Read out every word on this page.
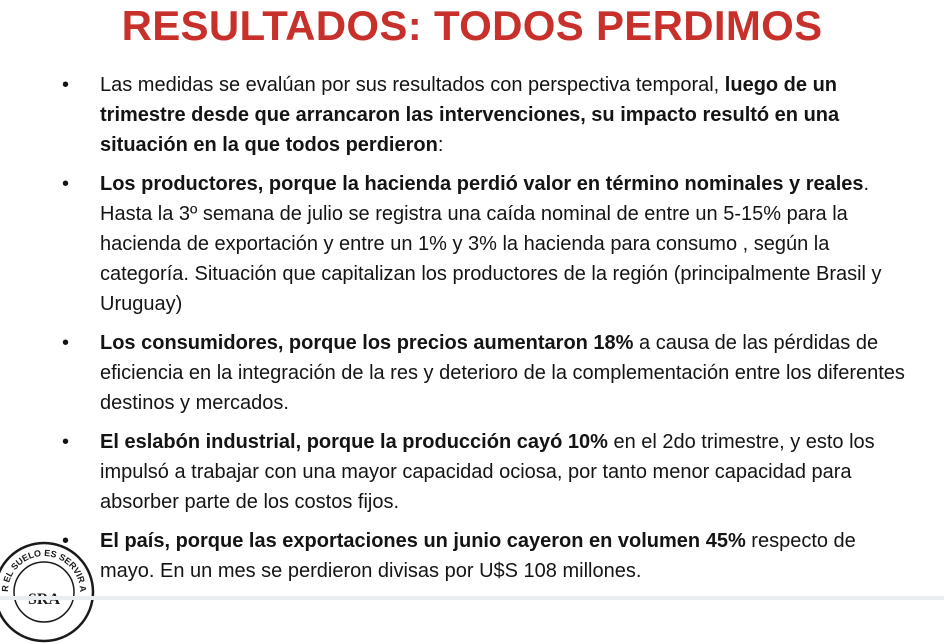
RESULTADOS: TODOS PERDIMOS
• Las medidas se evalúan por sus resultados con perspectiva temporal, luego de un trimestre desde que arrancaron las intervenciones, su impacto resultó en una situación en la que todos perdieron:
• Los productores, porque la hacienda perdió valor en término nominales y reales. Hasta la 3º semana de julio se registra una caída nominal de entre un 5-15% para la hacienda de exportación y entre un 1% y 3% la hacienda para consumo , según la categoría. Situación que capitalizan los productores de la región (principalmente Brasil y Uruguay)
• Los consumidores, porque los precios aumentaron 18% a causa de las pérdidas de eficiencia en la integración de la res y deterioro de la complementación entre los diferentes destinos y mercados.
• El eslabón industrial, porque la producción cayó 10% en el 2do trimestre, y esto los impulsó a trabajar con una mayor capacidad ociosa, por tanto menor capacidad para absorber parte de los costos fijos.
• El país, porque las exportaciones un junio cayeron en volumen 45% respecto de mayo. En un mes se perdieron divisas por U$S 108 millones.
R EL SUELO ES SERVIR A
